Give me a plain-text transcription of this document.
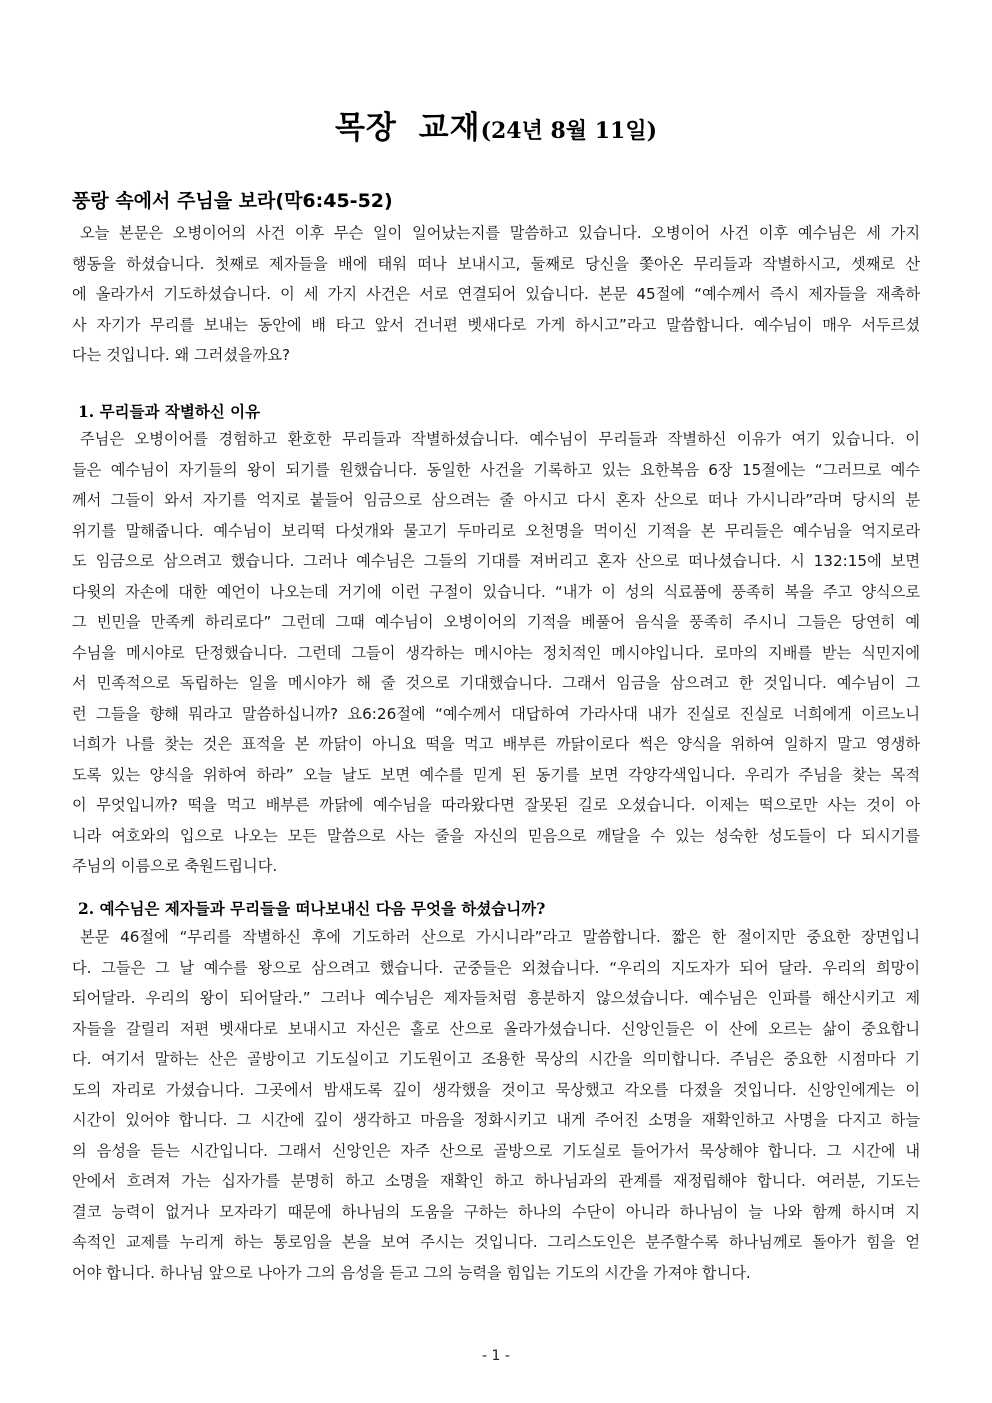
목장 교재(24년 8월 11일)
풍랑 속에서 주님을 보라(막6:45-52)
오늘 본문은 오병이어의 사건 이후 무슨 일이 일어났는지를 말씀하고 있습니다. 오병이어 사건 이후 예수님은 세 가지
행동을 하셨습니다. 첫째로 제자들을 배에 태워 떠나 보내시고, 둘째로 당신을 쫓아온 무리들과 작별하시고, 셋째로 산
에 올라가서 기도하셨습니다. 이 세 가지 사건은 서로 연결되어 있습니다. 본문 45절에 “예수께서 즉시 제자들을 재촉하
사 자기가 무리를 보내는 동안에 배 타고 앞서 건너편 벳새다로 가게 하시고”라고 말씀합니다. 예수님이 매우 서두르셨
다는 것입니다. 왜 그러셨을까요?
1. 무리들과 작별하신 이유
주님은 오병이어를 경험하고 환호한 무리들과 작별하셨습니다. 예수님이 무리들과 작별하신 이유가 여기 있습니다. 이
들은 예수님이 자기들의 왕이 되기를 원했습니다. 동일한 사건을 기록하고 있는 요한복음 6장 15절에는 “그러므로 예수
께서 그들이 와서 자기를 억지로 붙들어 임금으로 삼으려는 줄 아시고 다시 혼자 산으로 떠나 가시니라”라며 당시의 분
위기를 말해줍니다. 예수님이 보리떡 다섯개와 물고기 두마리로 오천명을 먹이신 기적을 본 무리들은 예수님을 억지로라
도 임금으로 삼으려고 했습니다. 그러나 예수님은 그들의 기대를 져버리고 혼자 산으로 떠나셨습니다. 시 132:15에 보면
다윗의 자손에 대한 예언이 나오는데 거기에 이런 구절이 있습니다. “내가 이 성의 식료품에 풍족히 복을 주고 양식으로
그 빈민을 만족케 하리로다” 그런데 그때 예수님이 오병이어의 기적을 베풀어 음식을 풍족히 주시니 그들은 당연히 예
수님을 메시야로 단정했습니다. 그런데 그들이 생각하는 메시야는 정치적인 메시야입니다. 로마의 지배를 받는 식민지에
서 민족적으로 독립하는 일을 메시야가 해 줄 것으로 기대했습니다. 그래서 임금을 삼으려고 한 것입니다. 예수님이 그
런 그들을 향해 뭐라고 말씀하십니까? 요6:26절에 “예수께서 대답하여 가라사대 내가 진실로 진실로 너희에게 이르노니
너희가 나를 찾는 것은 표적을 본 까닭이 아니요 떡을 먹고 배부른 까닭이로다 썩은 양식을 위하여 일하지 말고 영생하
도록 있는 양식을 위하여 하라” 오늘 날도 보면 예수를 믿게 된 동기를 보면 각양각색입니다. 우리가 주님을 찾는 목적
이 무엇입니까? 떡을 먹고 배부른 까닭에 예수님을 따라왔다면 잘못된 길로 오셨습니다. 이제는 떡으로만 사는 것이 아
니라 여호와의 입으로 나오는 모든 말씀으로 사는 줄을 자신의 믿음으로 깨달을 수 있는 성숙한 성도들이 다 되시기를
주님의 이름으로 축원드립니다.
2. 예수님은 제자들과 무리들을 떠나보내신 다음 무엇을 하셨습니까?
본문 46절에 “무리를 작별하신 후에 기도하러 산으로 가시니라”라고 말씀합니다. 짧은 한 절이지만 중요한 장면입니
다. 그들은 그 날 예수를 왕으로 삼으려고 했습니다. 군중들은 외쳤습니다. “우리의 지도자가 되어 달라. 우리의 희망이
되어달라. 우리의 왕이 되어달라.” 그러나 예수님은 제자들처럼 흥분하지 않으셨습니다. 예수님은 인파를 해산시키고 제
자들을 갈릴리 저편 벳새다로 보내시고 자신은 홀로 산으로 올라가셨습니다. 신앙인들은 이 산에 오르는 삶이 중요합니
다. 여기서 말하는 산은 골방이고 기도실이고 기도원이고 조용한 묵상의 시간을 의미합니다. 주님은 중요한 시점마다 기
도의 자리로 가셨습니다. 그곳에서 밤새도록 깊이 생각했을 것이고 묵상했고 각오를 다졌을 것입니다. 신앙인에게는 이
시간이 있어야 합니다. 그 시간에 깊이 생각하고 마음을 정화시키고 내게 주어진 소명을 재확인하고 사명을 다지고 하늘
의 음성을 듣는 시간입니다. 그래서 신앙인은 자주 산으로 골방으로 기도실로 들어가서 묵상해야 합니다. 그 시간에 내
안에서 흐려져 가는 십자가를 분명히 하고 소명을 재확인 하고 하나님과의 관계를 재정립해야 합니다. 여러분, 기도는
결코 능력이 없거나 모자라기 때문에 하나님의 도움을 구하는 하나의 수단이 아니라 하나님이 늘 나와 함께 하시며 지
속적인 교제를 누리게 하는 통로임을 본을 보여 주시는 것입니다. 그리스도인은 분주할수록 하나님께로 돌아가 힘을 얻
어야 합니다. 하나님 앞으로 나아가 그의 음성을 듣고 그의 능력을 힘입는 기도의 시간을 가져야 합니다.
- 1 -
